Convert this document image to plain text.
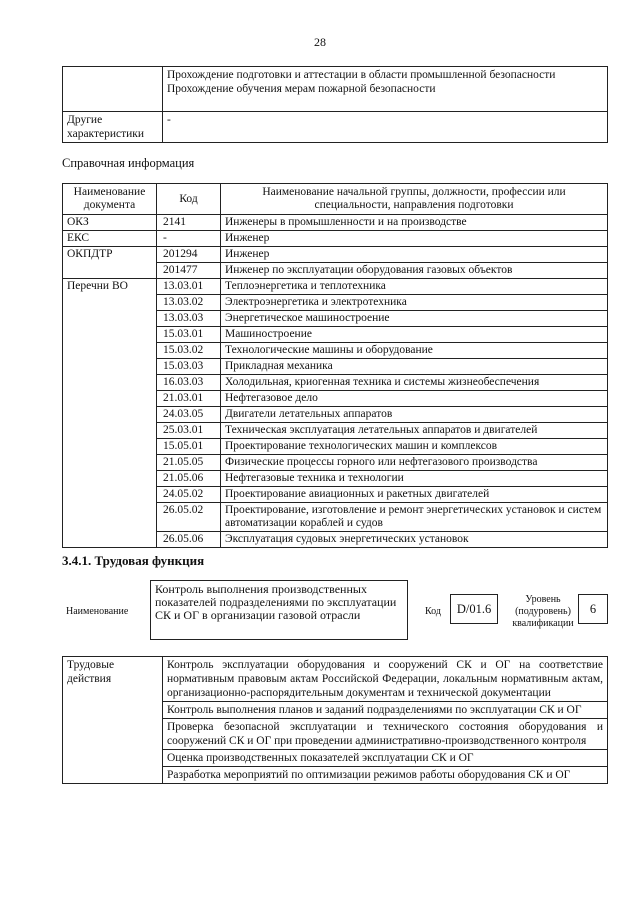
28

	Прохождение подготовки и аттестации в области промышленной безопасности
Прохождение обучения мерам пожарной безопасности

Другие характеристики	-
Справочная информация
Наименование документа	Код	Наименование начальной группы, должности, профессии или специальности, направления подготовки
ОКЗ	2141	Инженеры в промышленности и на производстве
ЕКС	-	Инженер
ОКПДТР	201294	Инженер
	201477	Инженер по эксплуатации оборудования газовых объектов
Перечни ВО	13.03.01	Теплоэнергетика и теплотехника
	13.03.02	Электроэнергетика и электротехника
	13.03.03	Энергетическое машиностроение
	15.03.01	Машиностроение
	15.03.02	Технологические машины и оборудование
	15.03.03	Прикладная механика
	16.03.03	Холодильная, криогенная техника и системы жизнеобеспечения
	21.03.01	Нефтегазовое дело
	24.03.05	Двигатели летательных аппаратов
	25.03.01	Техническая эксплуатация летательных аппаратов и двигателей
	15.05.01	Проектирование технологических машин и комплексов
	21.05.05	Физические процессы горного или нефтегазового производства
	21.05.06	Нефтегазовые техника и технологии
	24.05.02	Проектирование авиационных и ракетных двигателей
	26.05.02	Проектирование, изготовление и ремонт энергетических установок и систем автоматизации кораблей и судов
	26.05.06	Эксплуатация судовых энергетических установок
3.4.1. Трудовая функция
Наименование
Контроль выполнения производственных показателей подразделениями по эксплуатации СК и ОГ в организации газовой отрасли	Код	D/01.6
Уровень (подуровень) квалификации
6
Трудовые действия	Контроль эксплуатации оборудования и сооружений СК и ОГ на соответствие нормативным правовым актам Российской Федерации, локальным нормативным актам, организационно-распорядительным документам и технической документации
Контроль выполнения планов и заданий подразделениями по эксплуатации СК и ОГ
Проверка безопасной эксплуатации и технического состояния оборудования и сооружений СК и ОГ при проведении административно-производственного контроля
Оценка производственных показателей эксплуатации СК и ОГ
Разработка мероприятий по оптимизации режимов работы оборудования СК и ОГ
